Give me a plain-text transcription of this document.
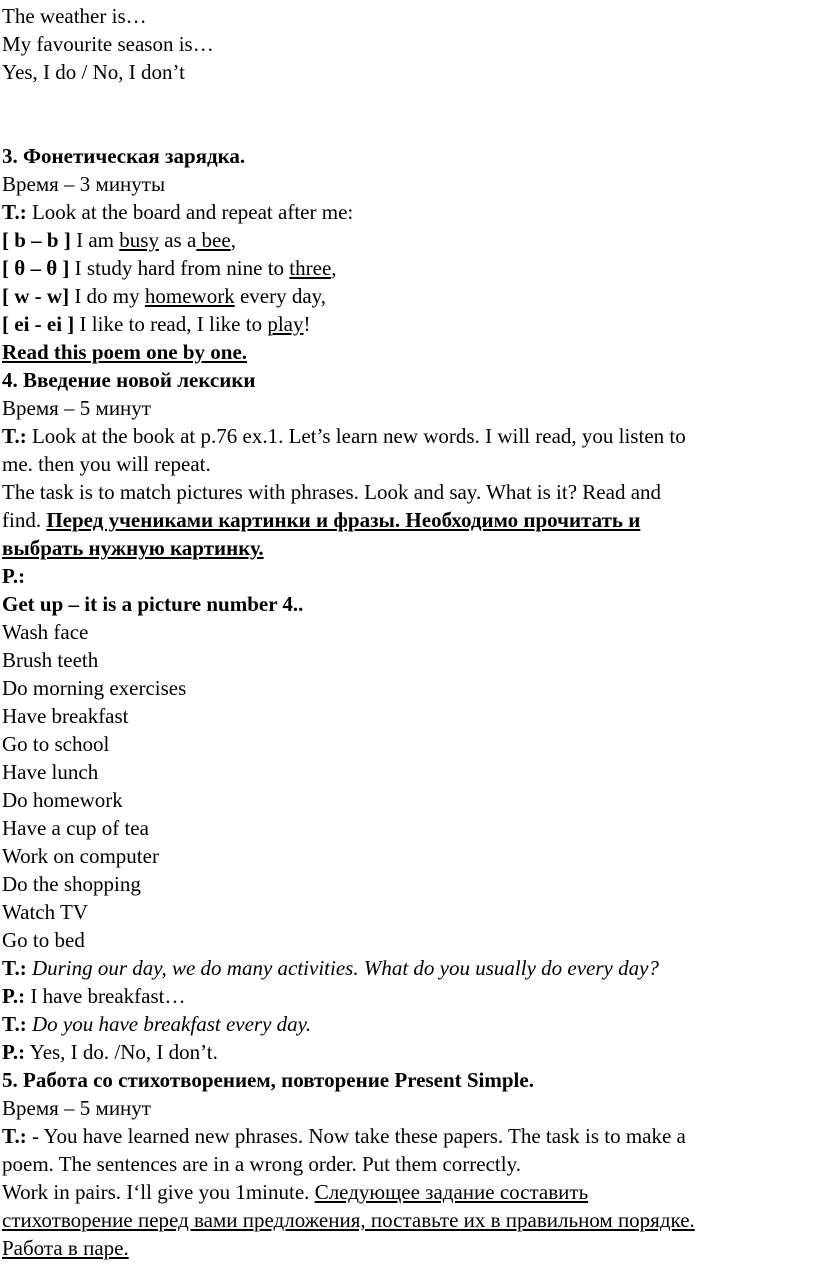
The weather is…
My favourite season is…
Yes, I do / No, I don’t
3. Фонетическая зарядка.
Время – 3 минуты
T.: Look at the board and repeat after me:
[ b – b ] I am busy as a bee,
[ θ – θ ] I study hard from nine to three,
[ w - w] I do my homework every day,
[ ei - ei ] I like to read, I like to play!
Read this poem one by one.
4. Введение новой лексики
Время – 5 минут
T.: Look at the book at p.76 ex.1. Let’s learn new words. I will read, you listen to
me. then you will repeat.
The task is to match pictures with phrases. Look and say. What is it? Read and
find. Перед учениками картинки и фразы. Необходимо прочитать и
выбрать нужную картинку.
P.:
Get up – it is a picture number 4..
Wash face
Brush teeth
Do morning exercises
Have breakfast
Go to school
Have lunch
Do homework
Have a cup of tea
Work on computer
Do the shopping
Watch TV
Go to bed
T.: During our day, we do many activities. What do you usually do every day?
P.: I have breakfast…
T.: Do you have breakfast every day.
P.: Yes, I do. /No, I don’t.
5. Работа со стихотворением, повторение Present Simple.
Время – 5 минут
T.: - You have learned new phrases. Now take these papers. The task is to make a
poem. The sentences are in a wrong order. Put them correctly.
Work in pairs. I‘ll give you 1minute. Следующее задание составить
стихотворение перед вами предложения, поставьте их в правильном порядке.
Работа в паре.
